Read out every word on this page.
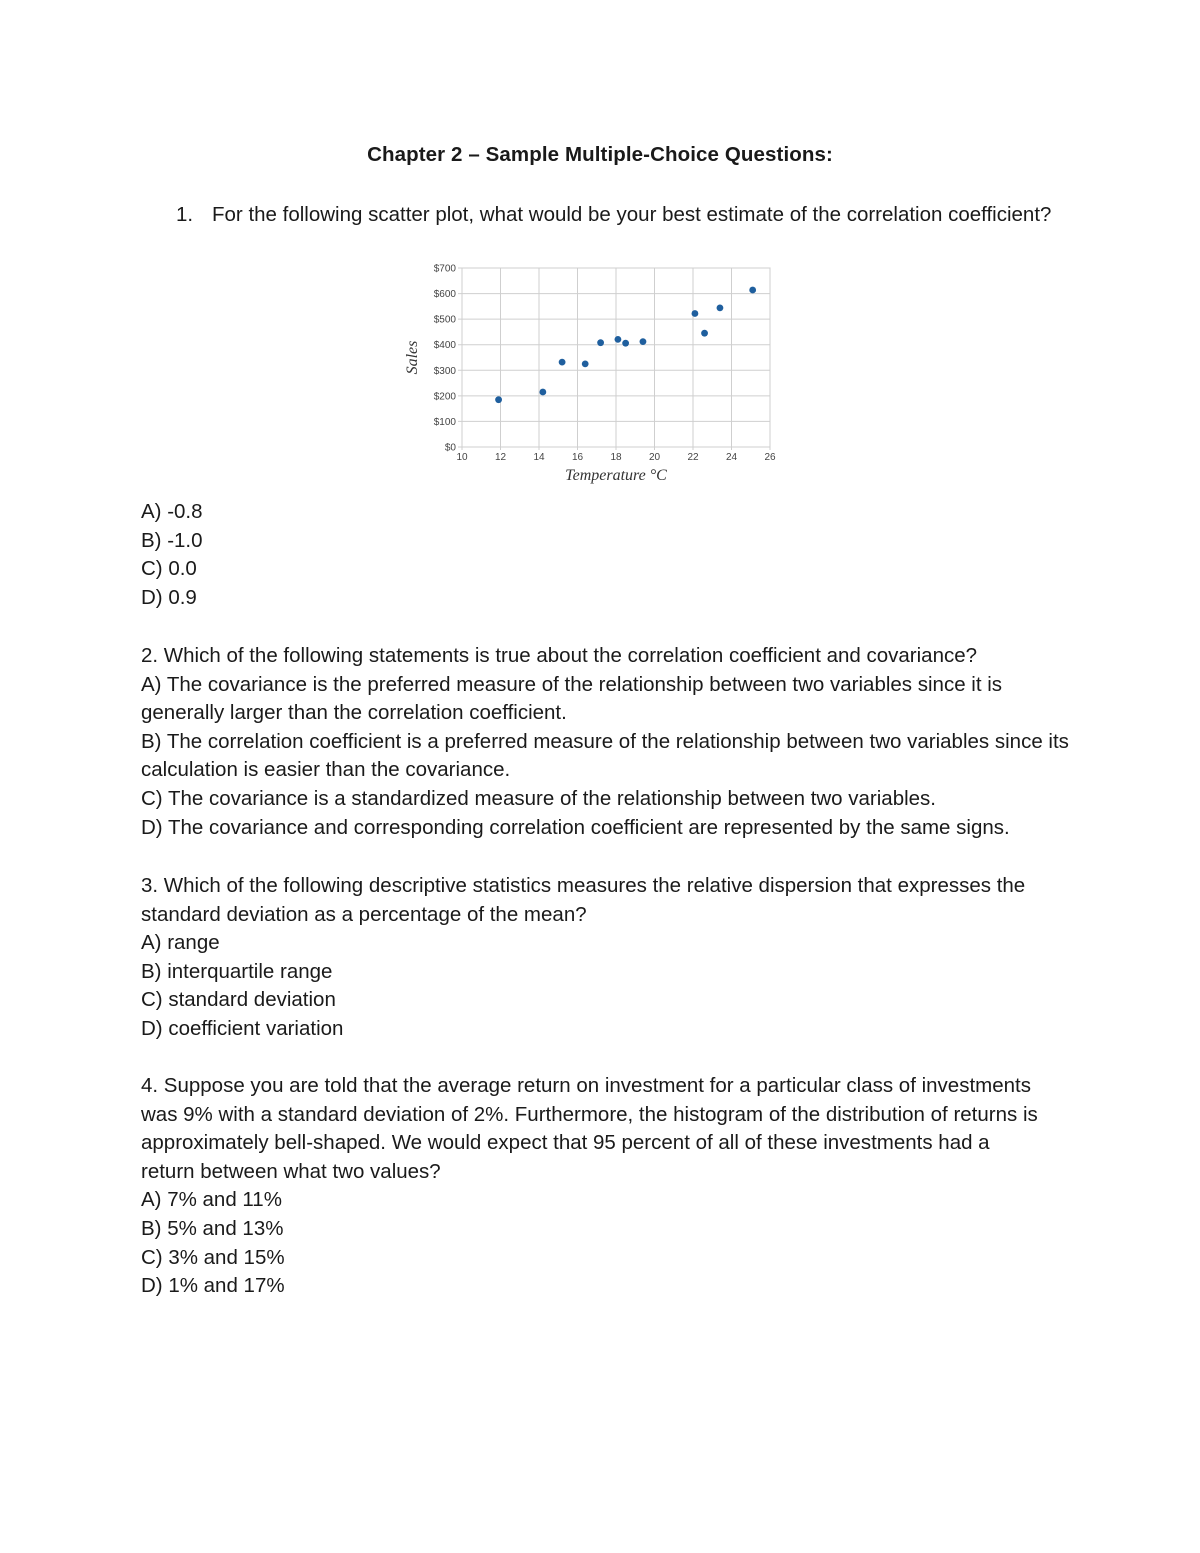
Chapter 2 – Sample Multiple-Choice Questions:
1. For the following scatter plot, what would be your best estimate of the correlation coefficient?
10	12	14	16	18	20	22	24	26
$0
$100
$200
$300
$400
$500
$600
$700
Temperature °C
Sales
A) -0.8
B) -1.0
C) 0.0
D) 0.9
2. Which of the following statements is true about the correlation coefficient and covariance?
A) The covariance is the preferred measure of the relationship between two variables since it is generally larger than the correlation coefficient.
B) The correlation coefficient is a preferred measure of the relationship between two variables since its calculation is easier than the covariance.
C) The covariance is a standardized measure of the relationship between two variables.
D) The covariance and corresponding correlation coefficient are represented by the same signs.
3. Which of the following descriptive statistics measures the relative dispersion that expresses the standard deviation as a percentage of the mean?
A) range
B) interquartile range
C) standard deviation
D) coefficient variation
4. Suppose you are told that the average return on investment for a particular class of investments was 9% with a standard deviation of 2%. Furthermore, the histogram of the distribution of returns is approximately bell-shaped. We would expect that 95 percent of all of these investments had a return between what two values?
A) 7% and 11%
B) 5% and 13%
C) 3% and 15%
D) 1% and 17%
